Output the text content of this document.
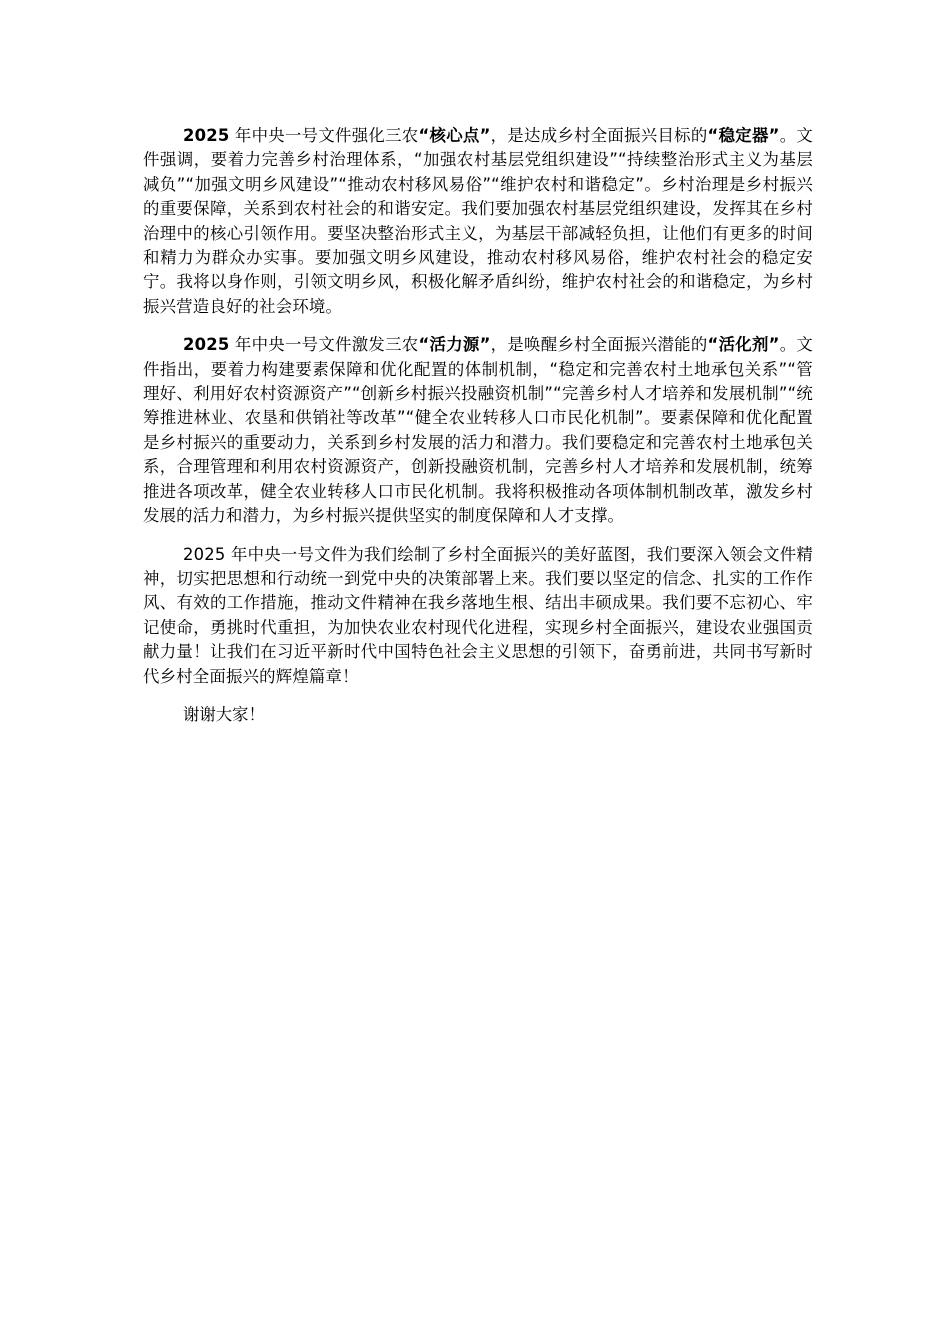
2025 年中央一号文件强化三农“核心点”，是达成乡村全面振兴目标的“稳定器”。文件强调，要着力完善乡村治理体系，“加强农村基层党组织建设”“持续整治形式主义为基层减负”“加强文明乡风建设”“推动农村移风易俗”“维护农村和谐稳定”。乡村治理是乡村振兴的重要保障，关系到农村社会的和谐安定。我们要加强农村基层党组织建设，发挥其在乡村治理中的核心引领作用。要坚决整治形式主义，为基层干部减轻负担，让他们有更多的时间和精力为群众办实事。要加强文明乡风建设，推动农村移风易俗，维护农村社会的稳定安宁。我将以身作则，引领文明乡风，积极化解矛盾纠纷，维护农村社会的和谐稳定，为乡村振兴营造良好的社会环境。

2025 年中央一号文件激发三农“活力源”，是唤醒乡村全面振兴潜能的“活化剂”。文件指出，要着力构建要素保障和优化配置的体制机制，“稳定和完善农村土地承包关系”“管理好、利用好农村资源资产”“创新乡村振兴投融资机制”“完善乡村人才培养和发展机制”“统筹推进林业、农垦和供销社等改革”“健全农业转移人口市民化机制”。要素保障和优化配置是乡村振兴的重要动力，关系到乡村发展的活力和潜力。我们要稳定和完善农村土地承包关系，合理管理和利用农村资源资产，创新投融资机制，完善乡村人才培养和发展机制，统筹推进各项改革，健全农业转移人口市民化机制。我将积极推动各项体制机制改革，激发乡村发展的活力和潜力，为乡村振兴提供坚实的制度保障和人才支撑。

2025 年中央一号文件为我们绘制了乡村全面振兴的美好蓝图，我们要深入领会文件精神，切实把思想和行动统一到党中央的决策部署上来。我们要以坚定的信念、扎实的工作作风、有效的工作措施，推动文件精神在我乡落地生根、结出丰硕成果。我们要不忘初心、牢记使命，勇挑时代重担，为加快农业农村现代化进程，实现乡村全面振兴，建设农业强国贡献力量！让我们在习近平新时代中国特色社会主义思想的引领下，奋勇前进，共同书写新时代乡村全面振兴的辉煌篇章！

谢谢大家！
